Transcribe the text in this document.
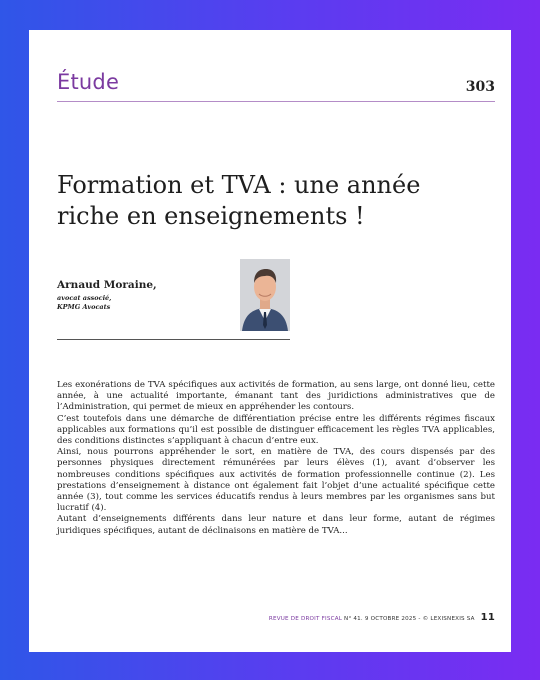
Étude	303
Formation et TVA : une année riche en enseignements !
Arnaud Moraine,
avocat associé,
KPMG Avocats

Les exonérations de TVA spécifiques aux activités de formation, au sens large, ont donné lieu, cette année, à une actualité importante, émanant tant des juridictions administratives que de l’Administration, qui permet de mieux en appréhender les contours.

C’est toutefois dans une démarche de différentiation précise entre les différents régimes fiscaux applicables aux formations qu’il est possible de distinguer efficacement les règles TVA applicables, des conditions distinctes s’appliquant à chacun d’entre eux.

Ainsi, nous pourrons appréhender le sort, en matière de TVA, des cours dispensés par des personnes physiques directement rémunérées par leurs élèves (1), avant d’observer les nombreuses conditions spécifiques aux activités de formation professionnelle continue (2). Les prestations d’enseignement à distance ont également fait l’objet d’une actualité spécifique cette année (3), tout comme les services éducatifs rendus à leurs membres par les organismes sans but lucratif (4).

Autant d’enseignements différents dans leur nature et dans leur forme, autant de régimes juridiques spécifiques, autant de déclinaisons en matière de TVA...

REVUE DE DROIT FISCAL N° 41. 9 OCTOBRE 2025 - © LEXISNEXIS SA 11
